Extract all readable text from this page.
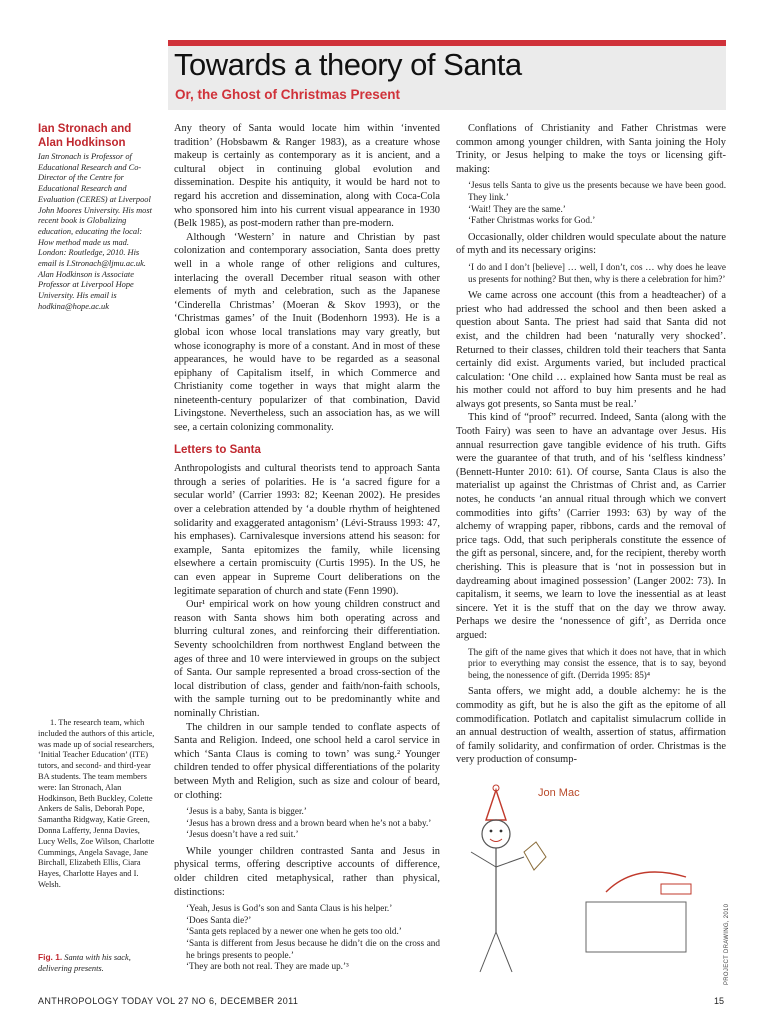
Towards a theory of Santa
Or, the Ghost of Christmas Present
Ian Stronach and Alan Hodkinson
Ian Stronach is Professor of Educational Research and Co-Director of the Centre for Educational Research and Evaluation (CERES) at Liverpool John Moores University. His most recent book is Globalizing education, educating the local: How method made us mad. London: Routledge, 2010. His email is I.Stronach@ljmu.ac.uk. Alan Hodkinson is Associate Professor at Liverpool Hope University. His email is hodkina@hope.ac.uk

Any theory of Santa would locate him within ‘invented tradition’ (Hobsbawm & Ranger 1983), as a creature whose makeup is certainly as contemporary as it is ancient, and a cultural object in continuing global evolution and dissemination. Despite his antiquity, it would be hard not to regard his accretion and dissemination, along with Coca-Cola who sponsored him into his current visual appearance in 1930 (Belk 1985), as post-modern rather than pre-modern.

Although ‘Western’ in nature and Christian by past colonization and contemporary association, Santa does pretty well in a whole range of other religions and cultures, interlacing the overall December ritual season with other elements of myth and celebration, such as the Japanese ‘Cinderella Christmas’ (Moeran & Skov 1993), or the ‘Christmas games’ of the Inuit (Bodenhorn 1993). He is a global icon whose local translations may vary greatly, but whose iconography is more of a constant. And in most of these appearances, he would have to be regarded as a seasonal epiphany of Capitalism itself, in which Commerce and Christianity come together in ways that might alarm the nineteenth-century popularizer of that combination, David Livingstone. Nevertheless, such an association has, as we will see, a certain colonizing commonality.

Letters to Santa

Anthropologists and cultural theorists tend to approach Santa through a series of polarities. He is ‘a sacred figure for a secular world’ (Carrier 1993: 82; Keenan 2002). He presides over a celebration attended by ‘a double rhythm of heightened solidarity and exaggerated antagonism’ (Lévi-Strauss 1993: 47, his emphases). Carnivalesque inversions attend his season: for example, Santa epitomizes the family, while licensing elsewhere a certain promiscuity (Curtis 1995). In the US, he can even appear in Supreme Court deliberations on the legitimate separation of church and state (Fenn 1990).

Our¹ empirical work on how young children construct and reason with Santa shows him both operating across and blurring cultural zones, and reinforcing their differentiation. Seventy schoolchildren from northwest England between the ages of three and 10 were interviewed in groups on the subject of Santa. Our sample represented a broad cross-section of the local distribution of class, gender and faith/non-faith schools, with the sample turning out to be predominantly white and nominally Christian.

The children in our sample tended to conflate aspects of Santa and Religion. Indeed, one school held a carol service in which ‘Santa Claus is coming to town’ was sung.² Younger children tended to offer physical differentiations of the polarity between Myth and Religion, such as size and colour of beard, or clothing:

‘Jesus is a baby, Santa is bigger.’
‘Jesus has a brown dress and a brown beard when he’s not a baby.’
‘Jesus doesn’t have a red suit.’

While younger children contrasted Santa and Jesus in physical terms, offering descriptive accounts of difference, older children cited metaphysical, rather than physical, distinctions:

‘Yeah, Jesus is God’s son and Santa Claus is his helper.’
‘Does Santa die?’
‘Santa gets replaced by a newer one when he gets too old.’
‘Santa is different from Jesus because he didn’t die on the cross and he brings presents to people.’
‘They are both not real. They are made up.’³

Conflations of Christianity and Father Christmas were common among younger children, with Santa joining the Holy Trinity, or Jesus helping to make the toys or licensing gift-making:

‘Jesus tells Santa to give us the presents because we have been good. They link.’
‘Wait! They are the same.’
‘Father Christmas works for God.’

Occasionally, older children would speculate about the nature of myth and its necessary origins:

‘I do and I don’t [believe] … well, I don’t, cos … why does he leave us presents for nothing? But then, why is there a celebration for him?’

We came across one account (this from a headteacher) of a priest who had addressed the school and then been asked a question about Santa. The priest had said that Santa did not exist, and the children had been ‘naturally very shocked’. Returned to their classes, children told their teachers that Santa certainly did exist. Arguments varied, but included practical calculation: ‘One child … explained how Santa must be real as his mother could not afford to buy him presents and he had always got presents, so Santa must be real.’

This kind of “proof” recurred. Indeed, Santa (along with the Tooth Fairy) was seen to have an advantage over Jesus. His annual resurrection gave tangible evidence of his truth. Gifts were the guarantee of that truth, and of his ‘selfless kindness’ (Bennett-Hunter 2010: 61). Of course, Santa Claus is also the materialist up against the Christmas of Christ and, as Carrier notes, he conducts ‘an annual ritual through which we convert commodities into gifts’ (Carrier 1993: 63) by way of the alchemy of wrapping paper, ribbons, cards and the removal of price tags. Odd, that such peripherals constitute the essence of the gift as personal, sincere, and, for the recipient, thereby worth cherishing. This is pleasure that is ‘not in possession but in daydreaming about imagined possession’ (Langer 2002: 73). In capitalism, it seems, we learn to love the inessential as at least sincere. Yet it is the stuff that on the day we throw away. Perhaps we desire the ‘nonessence of gift’, as Derrida once argued:

The gift of the name gives that which it does not have, that in which prior to everything may consist the essence, that is to say, beyond being, the nonessence of gift. (Derrida 1995: 85)⁴

Santa offers, we might add, a double alchemy: he is the commodity as gift, but he is also the gift as the epitome of all commodification. Potlatch and capitalist simulacrum collide in an annual destruction of wealth, assertion of status, affirmation of family solidarity, and confirmation of order. Christmas is the very production of consump-

1. The research team, which included the authors of this article, was made up of social researchers, ‘Initial Teacher Education’ (ITE) tutors, and second- and third-year BA students. The team members were: Ian Stronach, Alan Hodkinson, Beth Buckley, Colette Ankers de Salis, Deborah Pope, Samantha Ridgway, Katie Green, Donna Lafferty, Jenna Davies, Lucy Wells, Zoe Wilson, Charlotte Cummings, Angela Savage, Jane Birchall, Elizabeth Ellis, Ciara Hayes, Charlotte Hayes and I. Welsh.

Fig. 1. Santa with his sack, delivering presents.
Jon Mac
PROJECT DRAWING, 2010
ANTHROPOLOGY TODAY VOL 27 NO 6, DECEMBER 2011	15
